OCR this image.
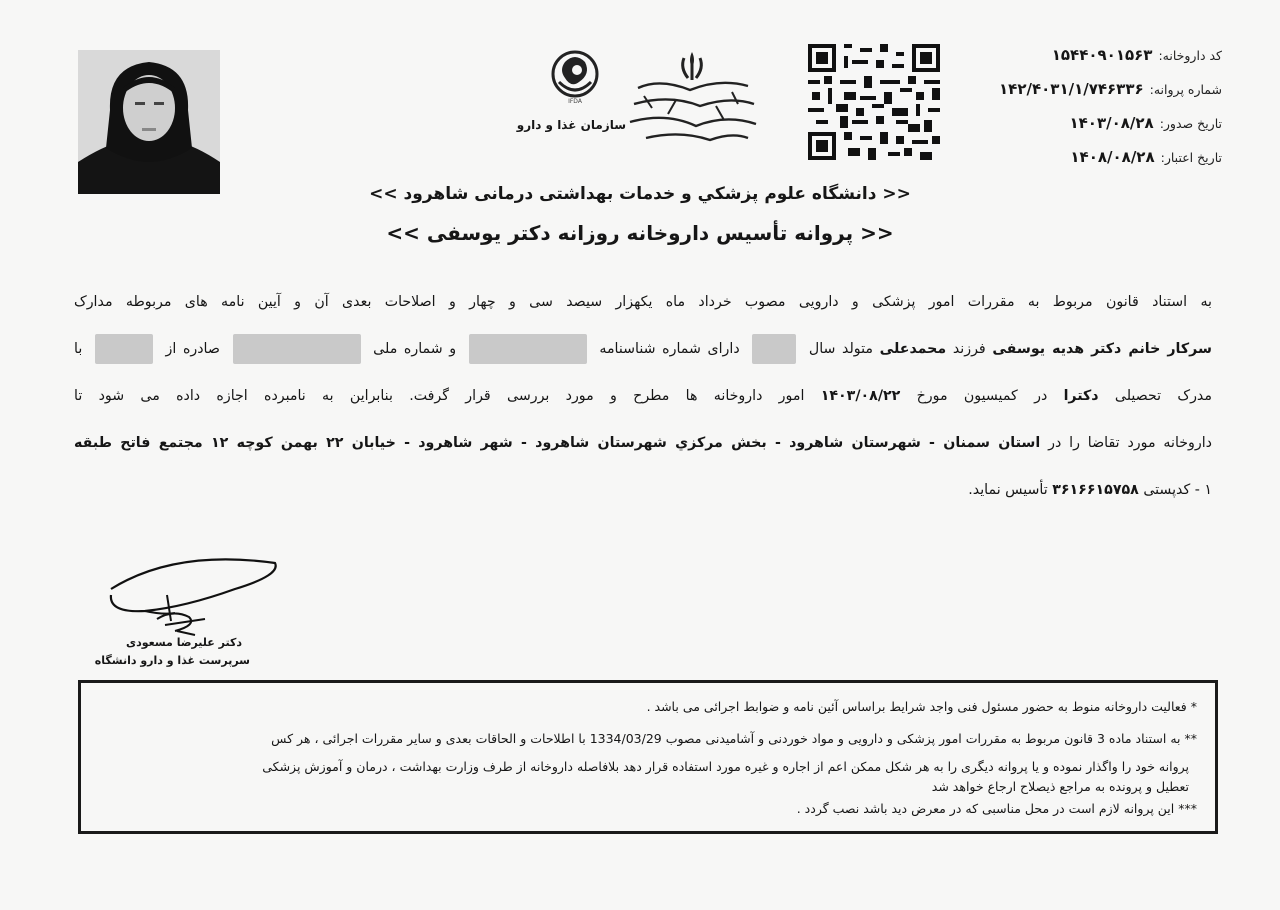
IFDA
سازمان غذا و دارو
کد داروخانه:
۱۵۴۴۰۹۰۱۵۶۳
شماره پروانه:
۱۴۲/۴۰۳۱/۱/۷۴۶۳۳۶
تاریخ صدور:
۱۴۰۳/۰۸/۲۸
تاریخ اعتبار:
۱۴۰۸/۰۸/۲۸
<< دانشگاه علوم پزشکي و خدمات بهداشتی درمانی شاهرود >>
<< پروانه تأسیس داروخانه روزانه دکتر یوسفی >>
به استناد قانون مربوط به مقررات امور پزشکی و دارویی مصوب خرداد ماه یکهزار سیصد سی و چهار و اصلاحات بعدی آن و آیین نامه های مربوطه مدارک
سرکار خانم دکتر هدیه یوسفی فرزند محمدعلی متولد سال  دارای شماره شناسنامه  و شماره ملی  صادره از  با
مدرک تحصیلی دکترا در کمیسیون مورخ ۱۴۰۳/۰۸/۲۲ امور داروخانه ها مطرح و مورد بررسی قرار گرفت. بنابراین به نامبرده اجازه داده می شود تا
داروخانه مورد تقاضا را در استان سمنان - شهرستان شاهرود - بخش مرکزي شهرستان شاهرود - شهر شاهرود - خیابان ۲۲ بهمن کوچه ۱۲ مجتمع فاتح طبقه
۱ - کدپستی ۳۶۱۶۶۱۵۷۵۸ تأسیس نماید.
دکتر علیرضا مسعودی
سرپرست غذا و دارو دانشگاه
* فعالیت داروخانه منوط به حضور مسئول فنی واجد شرایط براساس آئین نامه و ضوابط اجرائی می باشد .
** به استناد ماده 3 قانون مربوط به مقررات امور پزشکی و دارویی و مواد خوردنی و آشامیدنی مصوب 1334/03/29 با اطلاحات و الحاقات بعدی و سایر مقررات اجرائی ، هر کس
پروانه خود را واگذار نموده و یا پروانه دیگری را به هر شکل ممکن اعم از اجاره و غیره مورد استفاده قرار دهد بلافاصله داروخانه از طرف وزارت بهداشت ، درمان و آموزش پزشکی
تعطیل و پرونده به مراجع ذیصلاح ارجاع خواهد شد
*** این پروانه لازم است در محل مناسبی که در معرض دید باشد نصب گردد .
